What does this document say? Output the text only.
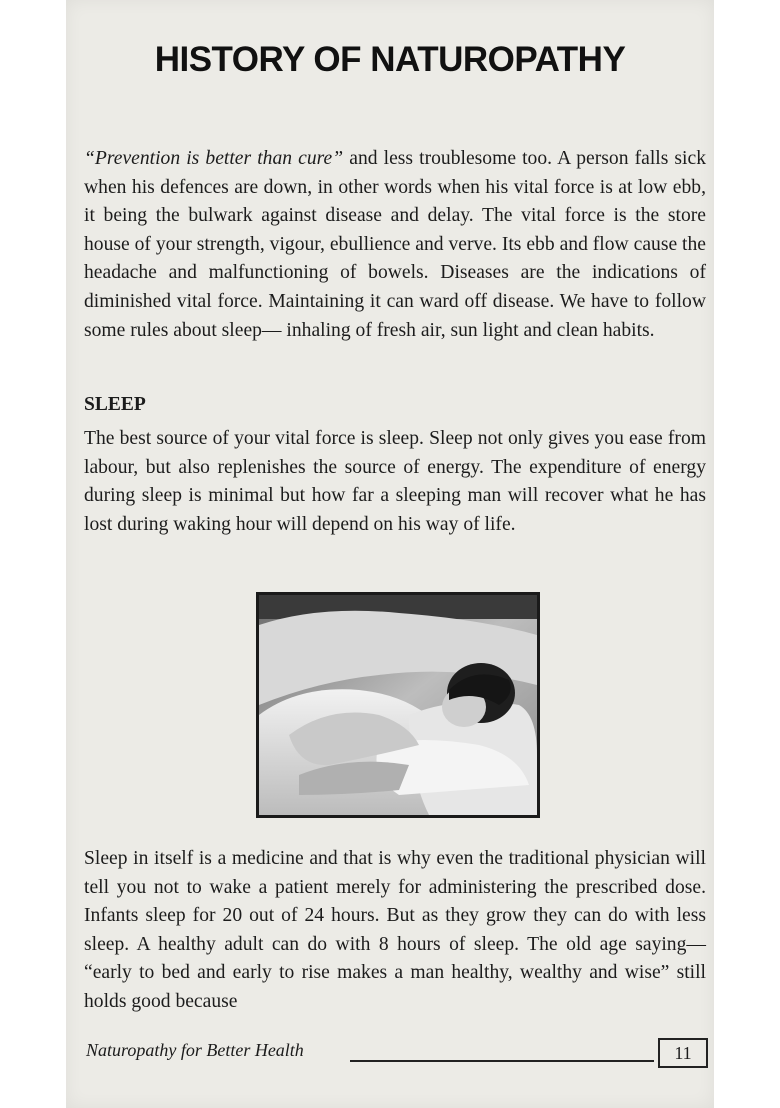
HISTORY OF NATUROPATHY

“Prevention is better than cure” and less troublesome too. A person falls sick when his defences are down, in other words when his vital force is at low ebb, it being the bulwark against disease and delay. The vital force is the store house of your strength, vigour, ebullience and verve. Its ebb and flow cause the headache and malfunctioning of bowels. Diseases are the indications of diminished vital force. Maintaining it can ward off disease. We have to follow some rules about sleep— inhaling of fresh air, sun light and clean habits.

SLEEP

The best source of your vital force is sleep. Sleep not only gives you ease from labour, but also replenishes the source of energy. The expenditure of energy during sleep is minimal but how far a sleeping man will recover what he has lost during waking hour will depend on his way of life.

Sleep in itself is a medicine and that is why even the traditional physician will tell you not to wake a patient merely for administering the prescribed dose. Infants sleep for 20 out of 24 hours. But as they grow they can do with less sleep. A healthy adult can do with 8 hours of sleep. The old age saying— “early to bed and early to rise makes a man healthy, wealthy and wise” still holds good because

Naturopathy for Better Health	11
